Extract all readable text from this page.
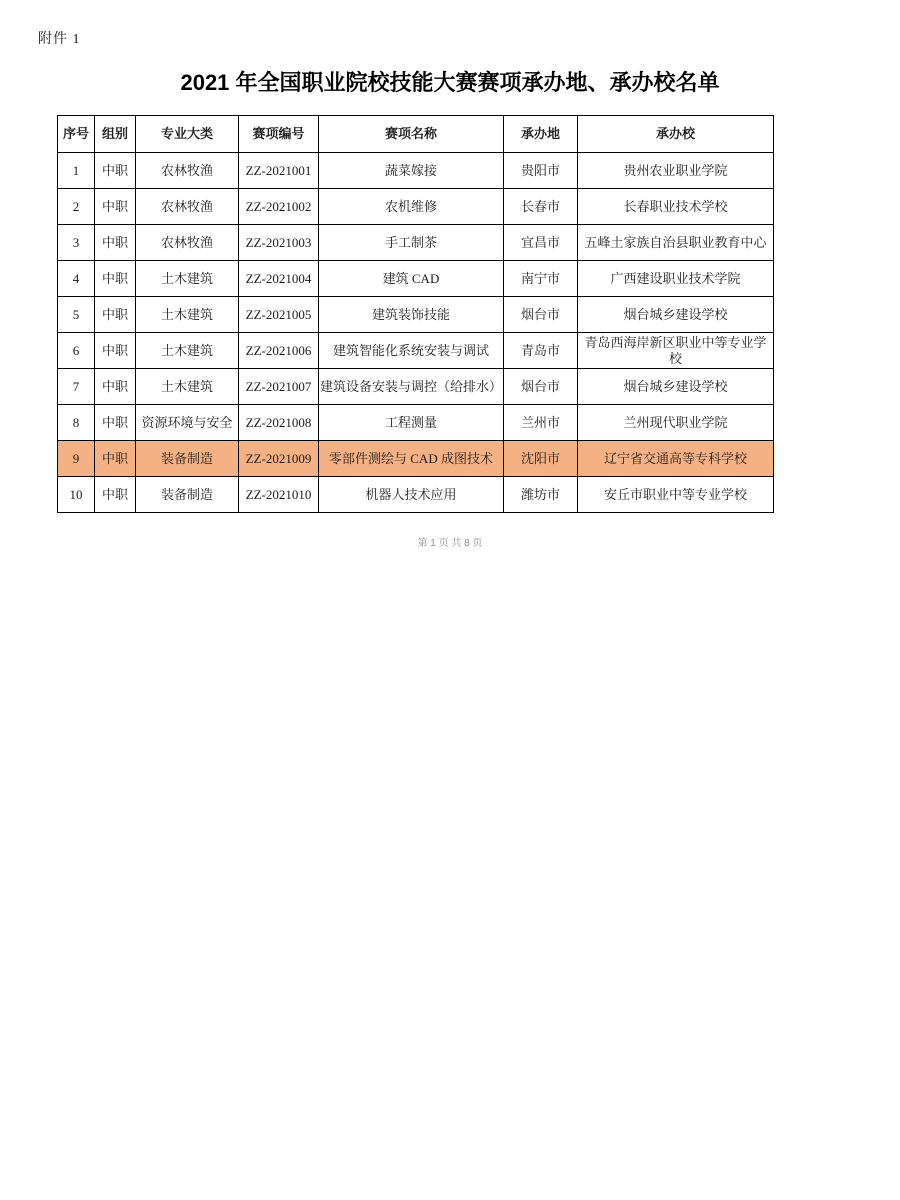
附件 1
2021 年全国职业院校技能大赛赛项承办地、承办校名单
序号	组别	专业大类	赛项编号	赛项名称	承办地	承办校
1	中职	农林牧渔	ZZ-2021001	蔬菜嫁接	贵阳市	贵州农业职业学院
2	中职	农林牧渔	ZZ-2021002	农机维修	长春市	长春职业技术学校
3	中职	农林牧渔	ZZ-2021003	手工制茶	宜昌市	五峰土家族自治县职业教育中心
4	中职	土木建筑	ZZ-2021004	建筑 CAD	南宁市	广西建设职业技术学院
5	中职	土木建筑	ZZ-2021005	建筑装饰技能	烟台市	烟台城乡建设学校
6	中职	土木建筑	ZZ-2021006	建筑智能化系统安装与调试	青岛市	青岛西海岸新区职业中等专业学校
7	中职	土木建筑	ZZ-2021007	建筑设备安装与调控（给排水）	烟台市	烟台城乡建设学校
8	中职	资源环境与安全	ZZ-2021008	工程测量	兰州市	兰州现代职业学院
9	中职	装备制造	ZZ-2021009	零部件测绘与 CAD 成图技术	沈阳市	辽宁省交通高等专科学校
10	中职	装备制造	ZZ-2021010	机器人技术应用	潍坊市	安丘市职业中等专业学校
第 1 页 共 8 页
